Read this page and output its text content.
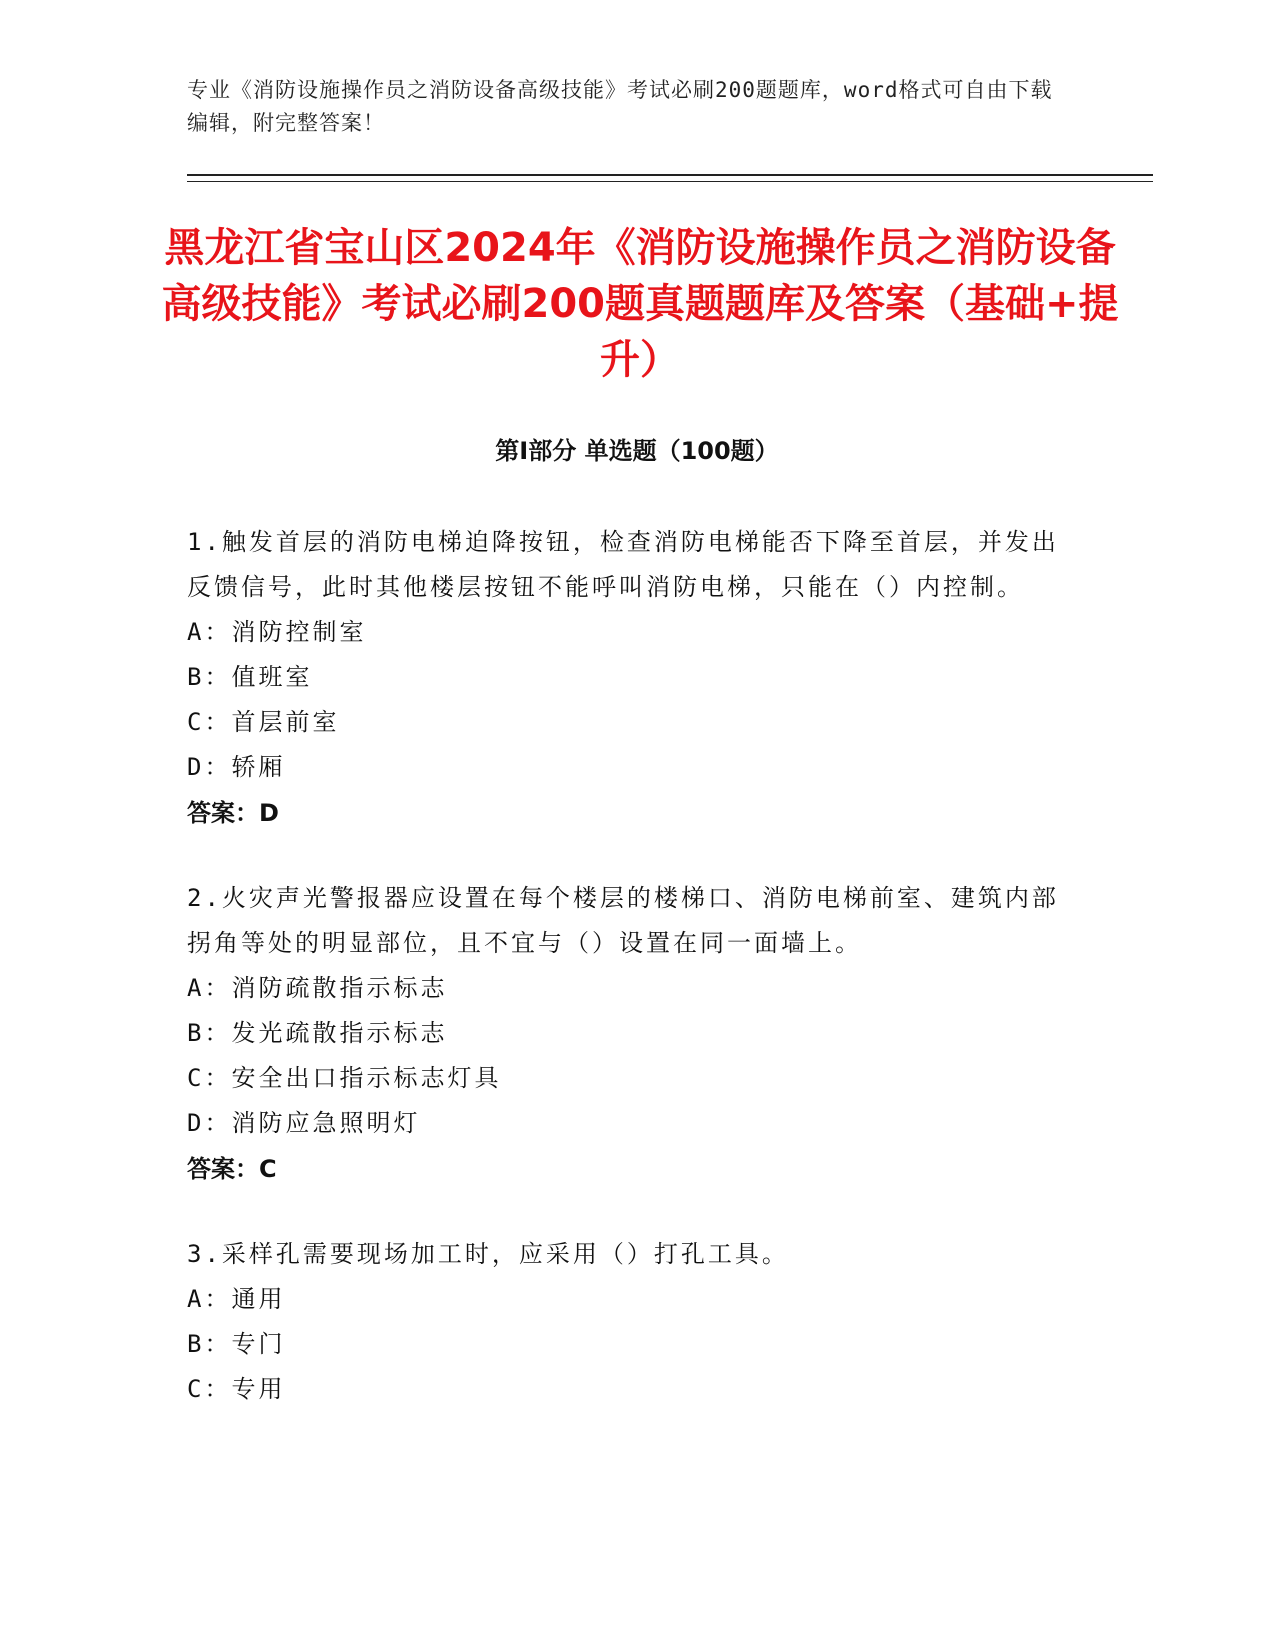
专业《消防设施操作员之消防设备高级技能》考试必刷200题题库，word格式可自由下载编辑，附完整答案！
黑龙江省宝山区2024年《消防设施操作员之消防设备高级技能》考试必刷200题真题题库及答案（基础+提升）
第Ⅰ部分 单选题（100题）

1.触发首层的消防电梯迫降按钮，检查消防电梯能否下降至首层，并发出反馈信号，此时其他楼层按钮不能呼叫消防电梯，只能在（）内控制。

A：消防控制室

B：值班室

C：首层前室

D：轿厢

答案：D

2.火灾声光警报器应设置在每个楼层的楼梯口、消防电梯前室、建筑内部拐角等处的明显部位，且不宜与（）设置在同一面墙上。

A：消防疏散指示标志

B：发光疏散指示标志

C：安全出口指示标志灯具

D：消防应急照明灯

答案：C

3.采样孔需要现场加工时，应采用（）打孔工具。

A：通用

B：专门

C：专用
